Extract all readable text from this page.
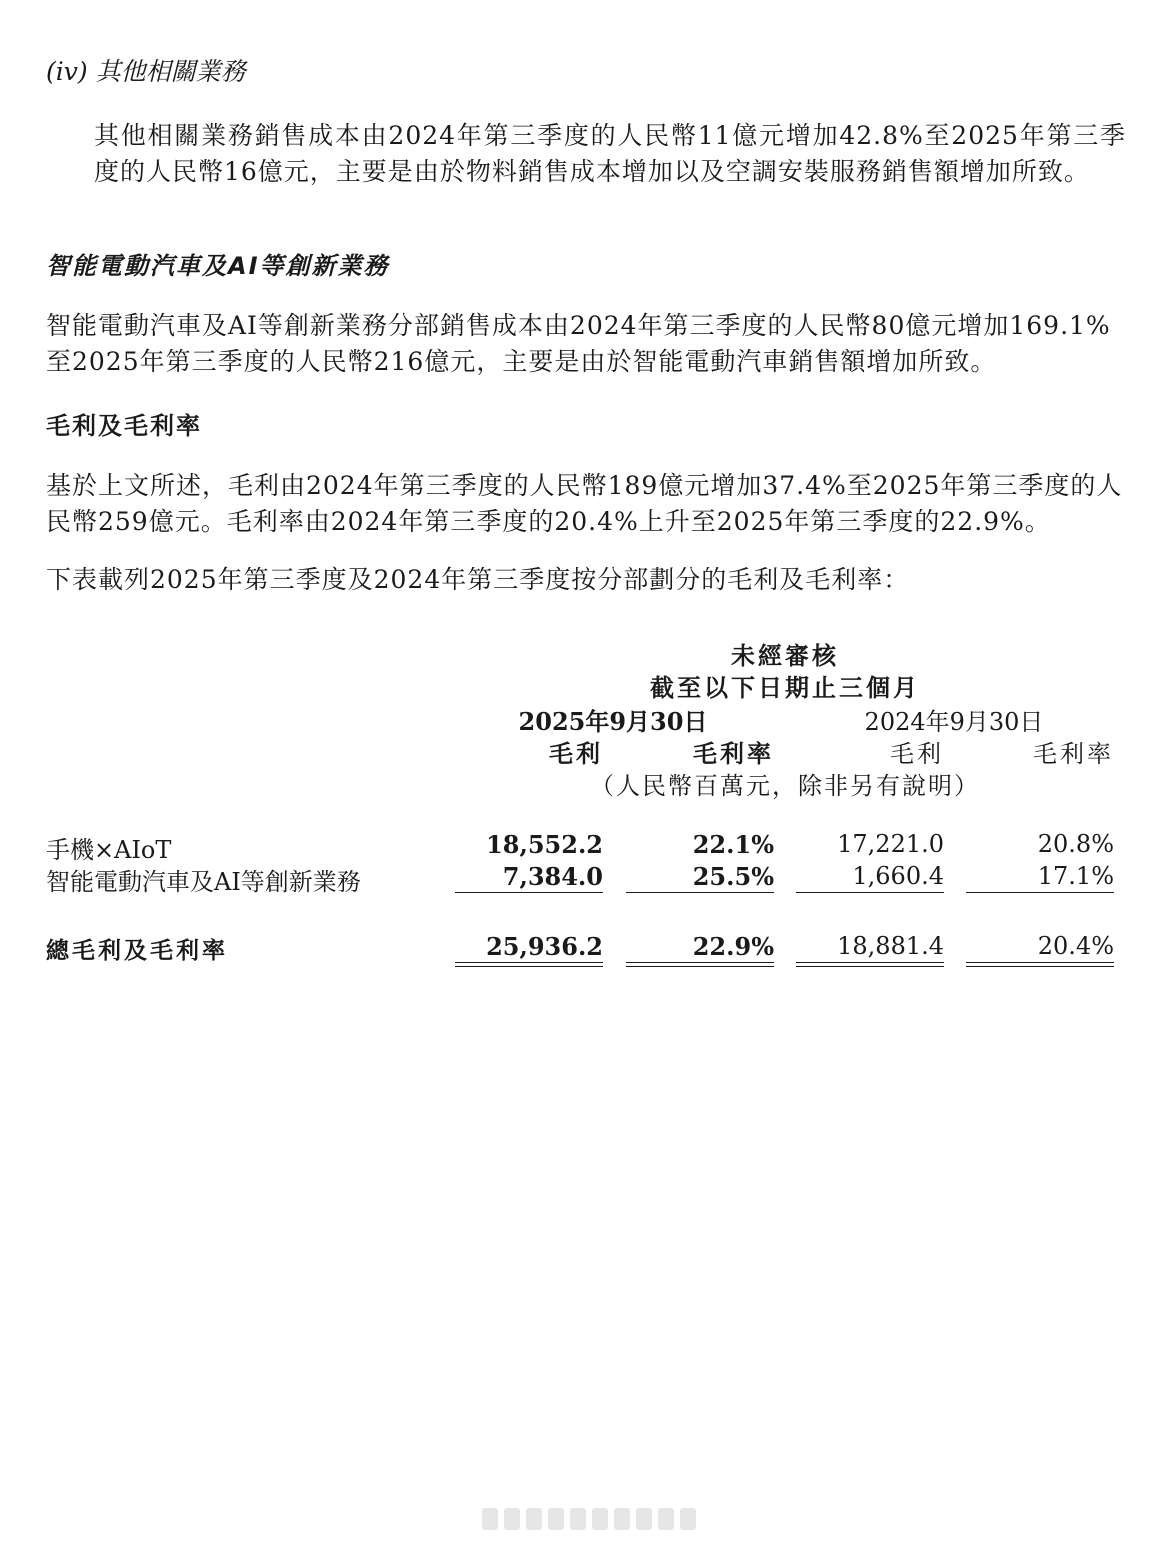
(iv) 其他相關業務
其他相關業務銷售成本由2024年第三季度的人民幣11億元增加42.8%至2025年第三季度的人民幣16億元，主要是由於物料銷售成本增加以及空調安裝服務銷售額增加所致。
智能電動汽車及AI等創新業務
智能電動汽車及AI等創新業務分部銷售成本由2024年第三季度的人民幣80億元增加169.1%至2025年第三季度的人民幣216億元，主要是由於智能電動汽車銷售額增加所致。
毛利及毛利率
基於上文所述，毛利由2024年第三季度的人民幣189億元增加37.4%至2025年第三季度的人民幣259億元。毛利率由2024年第三季度的20.4%上升至2025年第三季度的22.9%。
下表載列2025年第三季度及2024年第三季度按分部劃分的毛利及毛利率：
未經審核
截至以下日期止三個月
2025年9月30日	2024年9月30日
毛利	毛利率	毛利	毛利率
（人民幣百萬元，除非另有說明）
手機×AIoT	18,552.2	22.1%	17,221.0	20.8%
智能電動汽車及AI等創新業務	7,384.0	25.5%	1,660.4	17.1%
總毛利及毛利率	25,936.2	22.9%	18,881.4	20.4%
